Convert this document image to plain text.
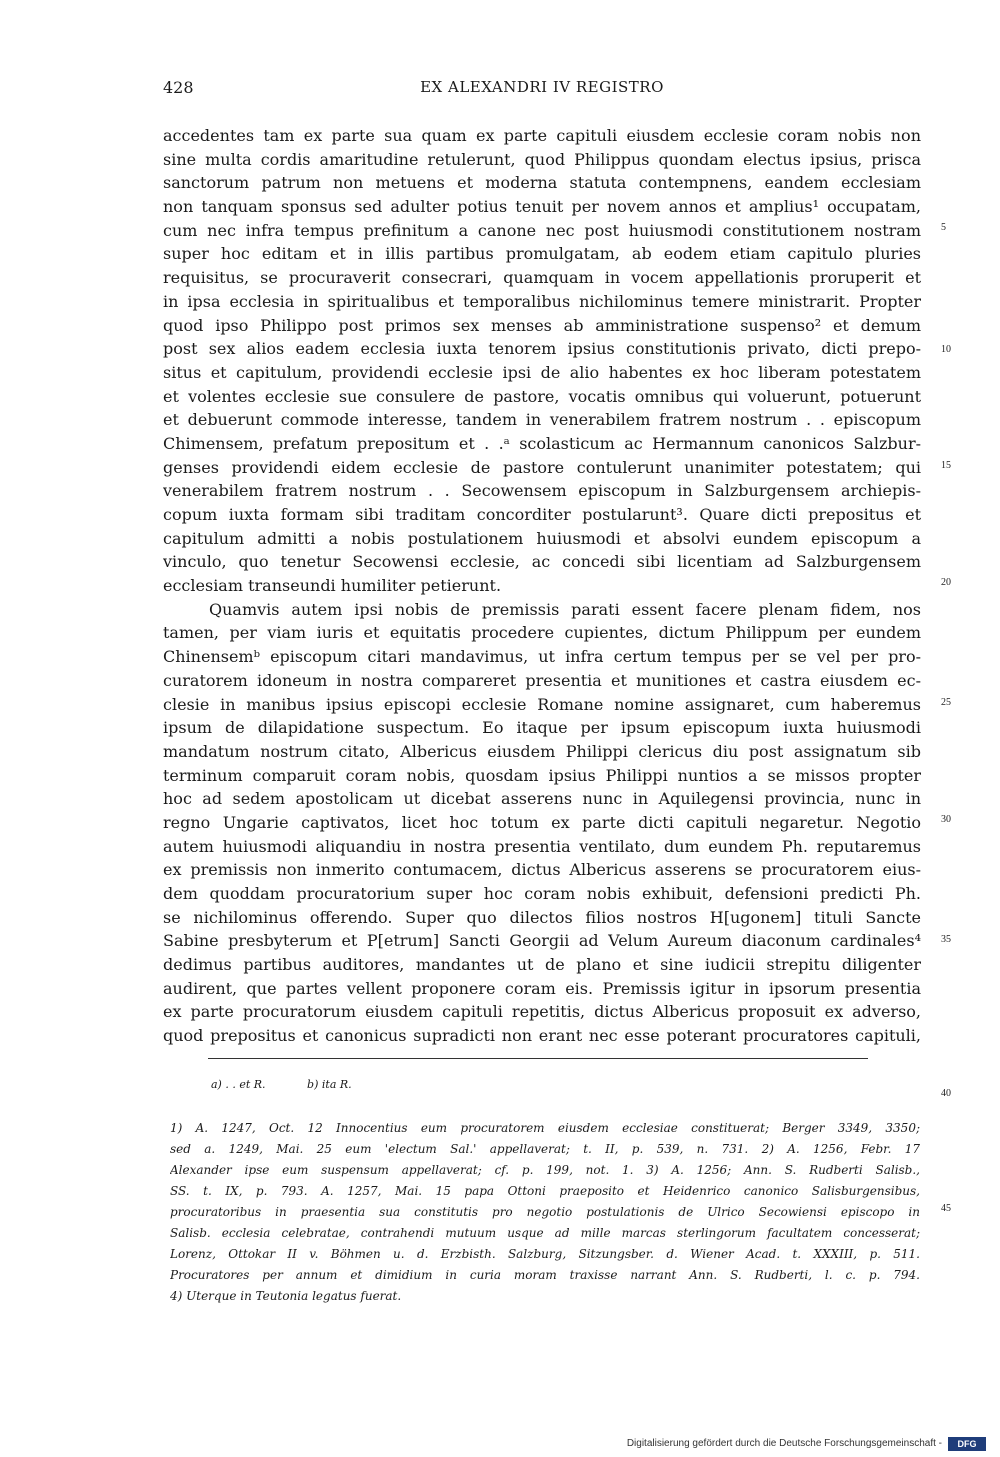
428	EX ALEXANDRI IV REGISTRO
accedentes tam ex parte sua quam ex parte capituli eiusdem ecclesie coram nobis non
sine multa cordis amaritudine retulerunt, quod Philippus quondam electus ipsius, prisca
sanctorum patrum non metuens et moderna statuta contempnens, eandem ecclesiam
non tanquam sponsus sed adulter potius tenuit per novem annos et amplius¹ occupatam,
cum nec infra tempus prefinitum a canone nec post huiusmodi constitutionem nostram
super hoc editam et in illis partibus promulgatam, ab eodem etiam capitulo pluries
requisitus, se procuraverit consecrari, quamquam in vocem appellationis proruperit et
in ipsa ecclesia in spiritualibus et temporalibus nichilominus temere ministrarit. Propter
quod ipso Philippo post primos sex menses ab amministratione suspenso² et demum
post sex alios eadem ecclesia iuxta tenorem ipsius constitutionis privato, dicti prepo-
situs et capitulum, providendi ecclesie ipsi de alio habentes ex hoc liberam potestatem
et volentes ecclesie sue consulere de pastore, vocatis omnibus qui voluerunt, potuerunt
et debuerunt commode interesse, tandem in venerabilem fratrem nostrum . . episcopum
Chimensem, prefatum prepositum et . .ᵃ scolasticum ac Hermannum canonicos Salzbur-
genses providendi eidem ecclesie de pastore contulerunt unanimiter potestatem; qui
venerabilem fratrem nostrum . . Secowensem episcopum in Salzburgensem archiepis-
copum iuxta formam sibi traditam concorditer postularunt³. Quare dicti prepositus et
capitulum admitti a nobis postulationem huiusmodi et absolvi eundem episcopum a
vinculo, quo tenetur Secowensi ecclesie, ac concedi sibi licentiam ad Salzburgensem
ecclesiam transeundi humiliter petierunt.
Quamvis autem ipsi nobis de premissis parati essent facere plenam fidem, nos
tamen, per viam iuris et equitatis procedere cupientes, dictum Philippum per eundem
Chinensemᵇ episcopum citari mandavimus, ut infra certum tempus per se vel per pro-
curatorem idoneum in nostra compareret presentia et munitiones et castra eiusdem ec-
clesie in manibus ipsius episcopi ecclesie Romane nomine assignaret, cum haberemus
ipsum de dilapidatione suspectum. Eo itaque per ipsum episcopum iuxta huiusmodi
mandatum nostrum citato, Albericus eiusdem Philippi clericus diu post assignatum sib
terminum comparuit coram nobis, quosdam ipsius Philippi nuntios a se missos propter
hoc ad sedem apostolicam ut dicebat asserens nunc in Aquilegensi provincia, nunc in
regno Ungarie captivatos, licet hoc totum ex parte dicti capituli negaretur. Negotio
autem huiusmodi aliquandiu in nostra presentia ventilato, dum eundem Ph. reputaremus
ex premissis non inmerito contumacem, dictus Albericus asserens se procuratorem eius-
dem quoddam procuratorium super hoc coram nobis exhibuit, defensioni predicti Ph.
se nichilominus offerendo. Super quo dilectos filios nostros H[ugonem] tituli Sancte
Sabine presbyterum et P[etrum] Sancti Georgii ad Velum Aureum diaconum cardinales⁴
dedimus partibus auditores, mandantes ut de plano et sine iudicii strepitu diligenter
audirent, que partes vellent proponere coram eis. Premissis igitur in ipsorum presentia
ex parte procuratorum eiusdem capituli repetitis, dictus Albericus proposuit ex adverso,
quod prepositus et canonicus supradicti non erant nec esse poterant procuratores capituli,
5
10
15
20
25
30
35
40
45
a) . . et R.	b) ita R.
1) A. 1247, Oct. 12 Innocentius eum procuratorem eiusdem ecclesiae constituerat; Berger 3349, 3350;
sed a. 1249, Mai. 25 eum 'electum Sal.' appellaverat; t. II, p. 539, n. 731. 2) A. 1256, Febr. 17
Alexander ipse eum suspensum appellaverat; cf. p. 199, not. 1. 3) A. 1256; Ann. S. Rudberti Salisb.,
SS. t. IX, p. 793. A. 1257, Mai. 15 papa Ottoni praeposito et Heidenrico canonico Salisburgensibus,
procuratoribus in praesentia sua constitutis pro negotio postulationis de Ulrico Secowiensi episcopo in
Salisb. ecclesia celebratae, contrahendi mutuum usque ad mille marcas sterlingorum facultatem concesserat;
Lorenz, Ottokar II v. Böhmen u. d. Erzbisth. Salzburg, Sitzungsber. d. Wiener Acad. t. XXXIII, p. 511.
Procuratores per annum et dimidium in curia moram traxisse narrant Ann. S. Rudberti, l. c. p. 794.
4) Uterque in Teutonia legatus fuerat.
Digitalisierung gefördert durch die Deutsche Forschungsgemeinschaft -	DFG
